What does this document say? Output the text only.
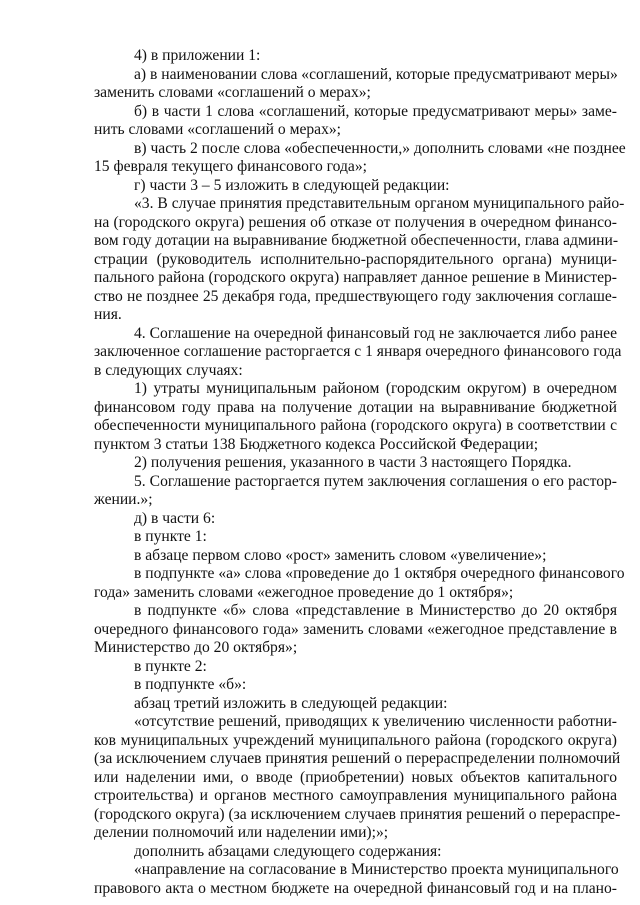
4) в приложении 1:
а) в наименовании слова «соглашений, которые предусматривают меры»
заменить словами «соглашений о мерах»;
б) в части 1 слова «соглашений, которые предусматривают меры» заме-
нить словами «соглашений о мерах»;
в) часть 2 после слова «обеспеченности,» дополнить словами «не позднее
15 февраля текущего финансового года»;
г) части 3 – 5 изложить в следующей редакции:
«3. В случае принятия представительным органом муниципального райо-
на (городского округа) решения об отказе от получения в очередном финансо-
вом году дотации на выравнивание бюджетной обеспеченности, глава админи-
страции (руководитель исполнительно-распорядительного органа) муници-
пального района (городского округа) направляет данное решение в Министер-
ство не позднее 25 декабря года, предшествующего году заключения соглаше-
ния.
4. Соглашение на очередной финансовый год не заключается либо ранее
заключенное соглашение расторгается с 1 января очередного финансового года
в следующих случаях:
1) утраты муниципальным районом (городским округом) в очередном
финансовом году права на получение дотации на выравнивание бюджетной
обеспеченности муниципального района (городского округа) в соответствии с
пунктом 3 статьи 138 Бюджетного кодекса Российской Федерации;
2) получения решения, указанного в части 3 настоящего Порядка.
5. Соглашение расторгается путем заключения соглашения о его растор-
жении.»;
д) в части 6:
в пункте 1:
в абзаце первом слово «рост» заменить словом «увеличение»;
в подпункте «а» слова «проведение до 1 октября очередного финансового
года» заменить словами «ежегодное проведение до 1 октября»;
в подпункте «б» слова «представление в Министерство до 20 октября
очередного финансового года» заменить словами «ежегодное представление в
Министерство до 20 октября»;
в пункте 2:
в подпункте «б»:
абзац третий изложить в следующей редакции:
«отсутствие решений, приводящих к увеличению численности работни-
ков муниципальных учреждений муниципального района (городского округа)
(за исключением случаев принятия решений о перераспределении полномочий
или наделении ими, о вводе (приобретении) новых объектов капитального
строительства) и органов местного самоуправления муниципального района
(городского округа) (за исключением случаев принятия решений о перераспре-
делении полномочий или наделении ими);»;
дополнить абзацами следующего содержания:
«направление на согласование в Министерство проекта муниципального
правового акта о местном бюджете на очередной финансовый год и на плано-
